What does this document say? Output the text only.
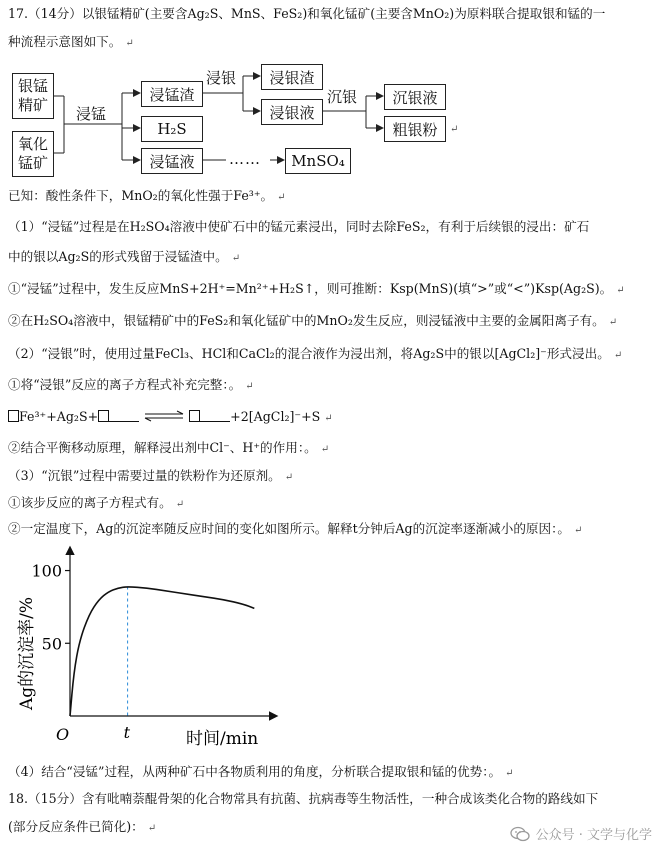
17.（14分）以银锰精矿(主要含Ag₂S、MnS、FeS₂)和氧化锰矿(主要含MnO₂)为原料联合提取银和锰的一
种流程示意图如下。 ↵
银锰
精矿
氧化
锰矿
浸锰
浸锰渣
H₂S
浸锰液
浸银	浸银渣
浸银液
沉银	沉银液
粗银粉
MnSO₄
……
↵
已知：酸性条件下，MnO₂的氧化性强于Fe³⁺。 ↵
（1）“浸锰”过程是在H₂SO₄溶液中使矿石中的锰元素浸出，同时去除FeS₂，有利于后续银的浸出：矿石
中的银以Ag₂S的形式残留于浸锰渣中。 ↵
①“浸锰”过程中，发生反应MnS+2H⁺=Mn²⁺+H₂S↑，则可推断：Ksp(MnS)(填“>”或“<”)Ksp(Ag₂S)。 ↵
②在H₂SO₄溶液中，银锰精矿中的FeS₂和氧化锰矿中的MnO₂发生反应，则浸锰液中主要的金属阳离子有。 ↵
（2）“浸银”时，使用过量FeCl₃、HCl和CaCl₂的混合液作为浸出剂，将Ag₂S中的银以[AgCl₂]⁻形式浸出。 ↵
①将“浸银”反应的离子方程式补充完整：。 ↵
Fe³⁺+Ag₂S+	+2[AgCl₂]⁻+S ↵
②结合平衡移动原理，解释浸出剂中Cl⁻、H⁺的作用：。 ↵
（3）“沉银”过程中需要过量的铁粉作为还原剂。 ↵
①该步反应的离子方程式有。 ↵
②一定温度下，Ag的沉淀率随反应时间的变化如图所示。解释t分钟后Ag的沉淀率逐渐减小的原因：。 ↵
50
100
O	t	时间/min
Ag的沉淀率/%
（4）结合“浸锰”过程，从两种矿石中各物质利用的角度，分析联合提取银和锰的优势：。 ↵
18.（15分）含有吡喃萘醌骨架的化合物常具有抗菌、抗病毒等生物活性，一种合成该类化合物的路线如下
(部分反应条件已简化)： ↵	公众号 · 文学与化学
